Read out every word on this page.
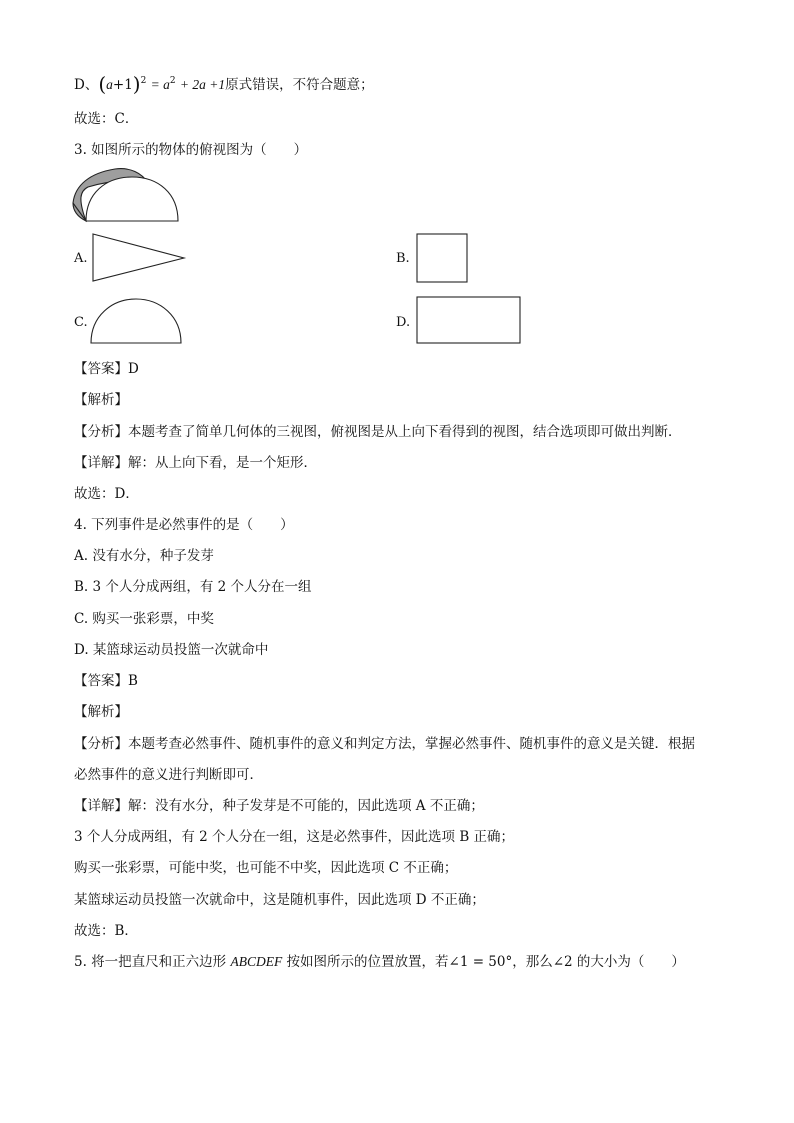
D、$(a+1)^2 = a^2 + 2a +1$原式错误，不符合题意；
故选：C．
3. 如图所示的物体的俯视图为（　　）
A.	B.
C.	D.
【答案】D
【解析】
【分析】本题考查了简单几何体的三视图，俯视图是从上向下看得到的视图，结合选项即可做出判断．
【详解】解：从上向下看，是一个矩形．
故选：D．
4. 下列事件是必然事件的是（　　）
A. 没有水分，种子发芽
B. 3 个人分成两组，有 2 个人分在一组
C. 购买一张彩票，中奖
D. 某篮球运动员投篮一次就命中
【答案】B
【解析】
【分析】本题考查必然事件、随机事件的意义和判定方法，掌握必然事件、随机事件的意义是关键．根据
必然事件的意义进行判断即可．
【详解】解：没有水分，种子发芽是不可能的，因此选项 A 不正确；
3 个人分成两组，有 2 个人分在一组，这是必然事件，因此选项 B 正确；
购买一张彩票，可能中奖，也可能不中奖，因此选项 C 不正确；
某篮球运动员投篮一次就命中，这是随机事件，因此选项 D 不正确；
故选：B．
5. 将一把直尺和正六边形 ABCDEF 按如图所示的位置放置，若∠1 = 50°，那么∠2 的大小为（　　）
